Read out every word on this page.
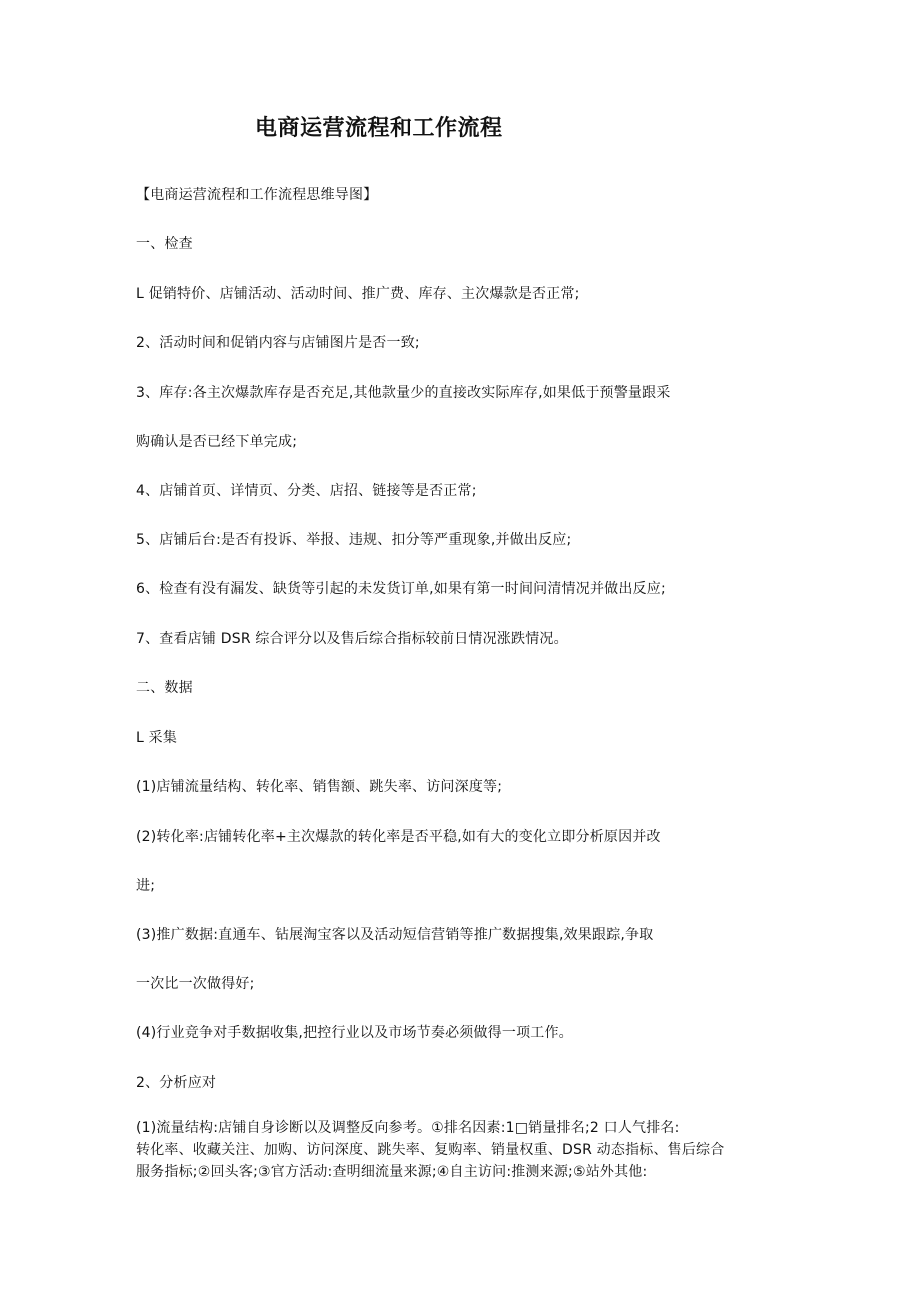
电商运营流程和工作流程
【电商运营流程和工作流程思维导图】
一、检查
L 促销特价、店铺活动、活动时间、推广费、库存、主次爆款是否正常;
2、活动时间和促销内容与店铺图片是否一致;
3、库存:各主次爆款库存是否充足,其他款量少的直接改实际库存,如果低于预警量跟采
购确认是否已经下单完成;
4、店铺首页、详情页、分类、店招、链接等是否正常;
5、店铺后台:是否有投诉、举报、违规、扣分等严重现象,并做出反应;
6、检查有没有漏发、缺货等引起的未发货订单,如果有第一时间问清情况并做出反应;
7、查看店铺 DSR 综合评分以及售后综合指标较前日情况涨跌情况。
二、数据
L 采集
(1)店铺流量结构、转化率、销售额、跳失率、访问深度等;
(2)转化率:店铺转化率+主次爆款的转化率是否平稳,如有大的变化立即分析原因并改
进;
(3)推广数据:直通车、钻展淘宝客以及活动短信营销等推广数据搜集,效果跟踪,争取
一次比一次做得好;
(4)行业竞争对手数据收集,把控行业以及市场节奏必须做得一项工作。
2、分析应对
(1)流量结构:店铺自身诊断以及调整反向参考。①排名因素:1□销量排名;2 口人气排名:
转化率、收藏关注、加购、访问深度、跳失率、复购率、销量权重、DSR 动态指标、售后综合
服务指标;②回头客;③官方活动:查明细流量来源;④自主访问:推测来源;⑤站外其他:
